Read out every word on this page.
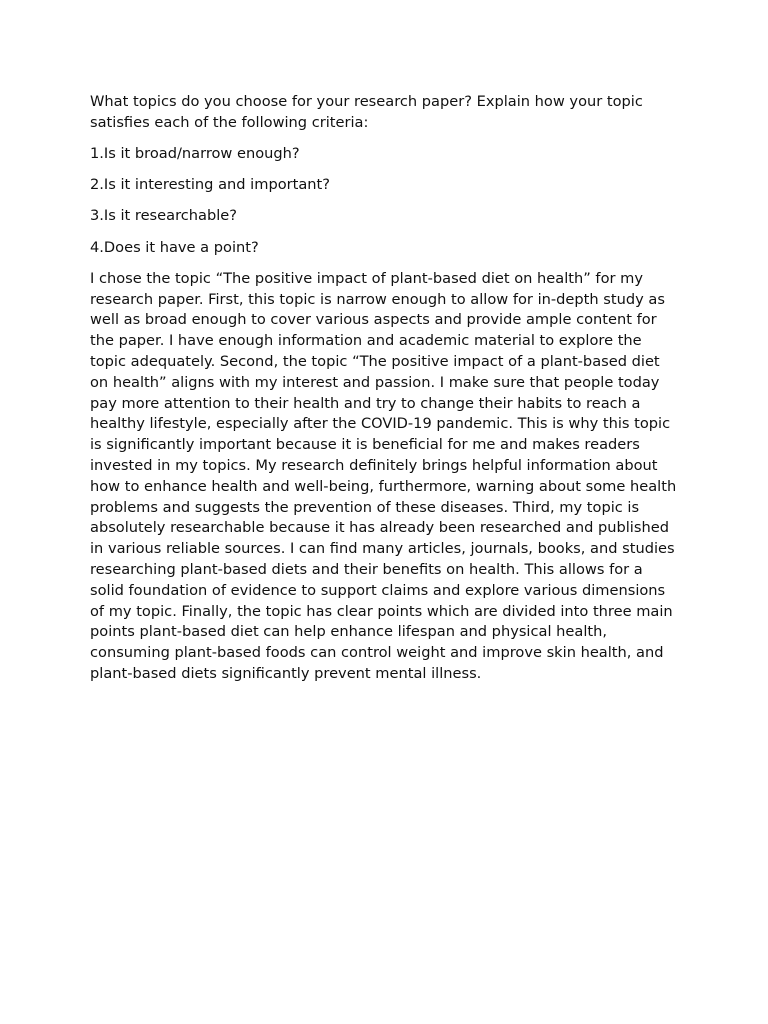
What topics do you choose for your research paper? Explain how your topic satisfies each of the following criteria:

1.Is it broad/narrow enough?
2.Is it interesting and important?
3.Is it researchable?
4.Does it have a point?

I chose the topic “The positive impact of plant-based diet on health” for my research paper. First, this topic is narrow enough to allow for in-depth study as well as broad enough to cover various aspects and provide ample content for the paper. I have enough information and academic material to explore the topic adequately. Second, the topic “The positive impact of a plant-based diet on health” aligns with my interest and passion. I make sure that people today pay more attention to their health and try to change their habits to reach a healthy lifestyle, especially after the COVID-19 pandemic. This is why this topic is significantly important because it is beneficial for me and makes readers invested in my topics. My research definitely brings helpful information about how to enhance health and well-being, furthermore, warning about some health problems and suggests the prevention of these diseases. Third, my topic is absolutely researchable because it has already been researched and published in various reliable sources. I can find many articles, journals, books, and studies researching plant-based diets and their benefits on health. This allows for a solid foundation of evidence to support claims and explore various dimensions of my topic. Finally, the topic has clear points which are divided into three main points plant-based diet can help enhance lifespan and physical health, consuming plant-based foods can control weight and improve skin health, and plant-based diets significantly prevent mental illness.
